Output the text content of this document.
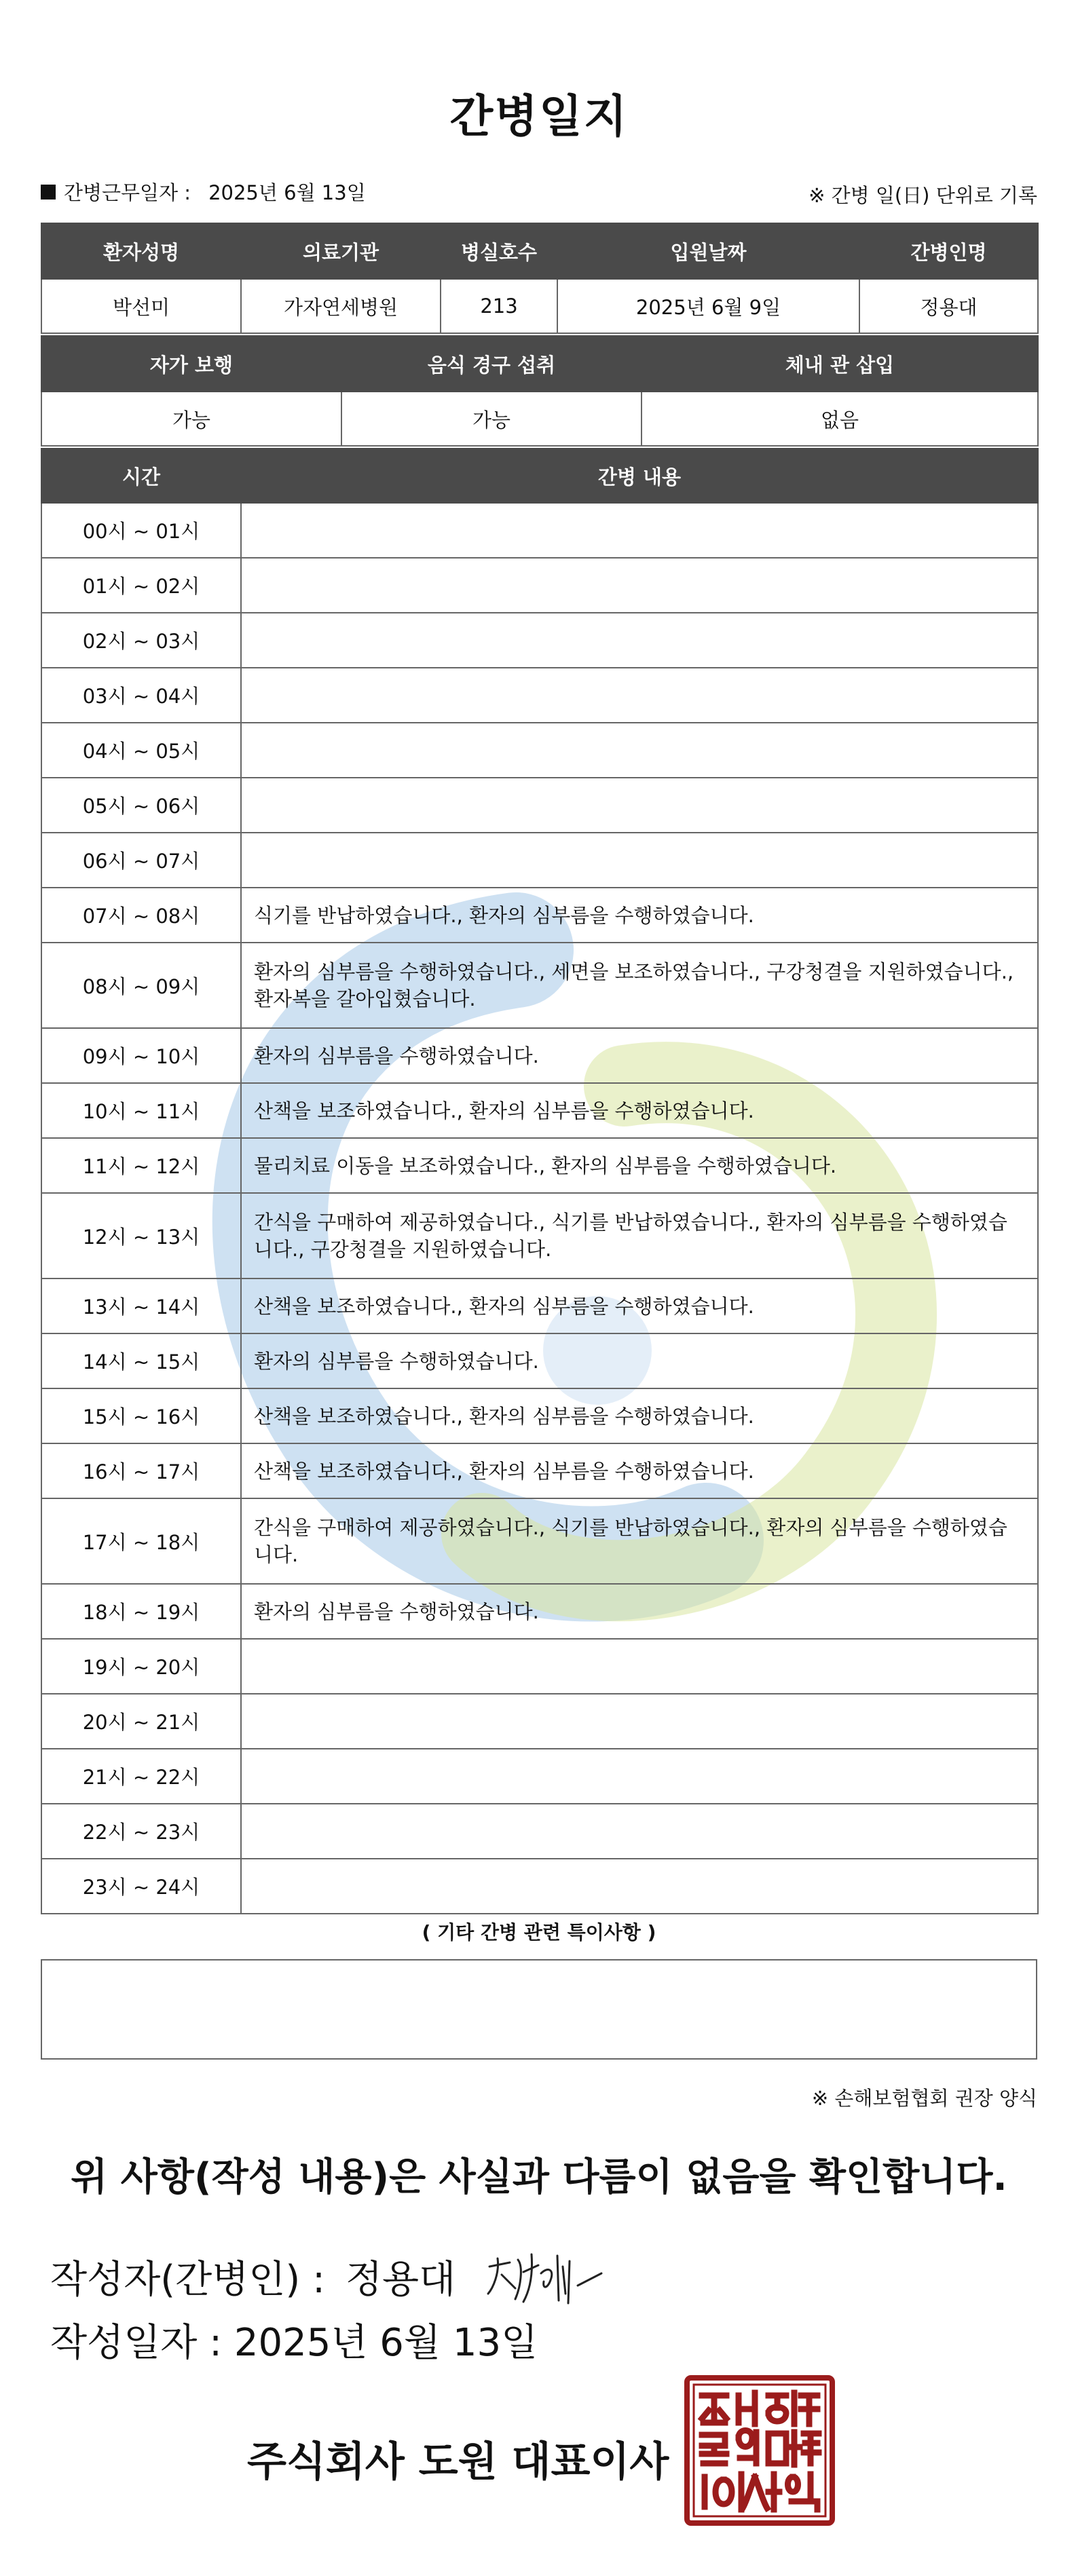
간병일지
간병근무일자 : 2025년 6월 13일	※ 간병 일(日) 단위로 기록
환자성명	의료기관	병실호수	입원날짜	간병인명
박선미	가자연세병원	213	2025년 6월 9일	정용대
자가 보행	음식 경구 섭취	체내 관 삽입
가능	가능	없음
시간	간병 내용
00시 ~ 01시	
01시 ~ 02시	
02시 ~ 03시	
03시 ~ 04시	
04시 ~ 05시	
05시 ~ 06시	
06시 ~ 07시	
07시 ~ 08시	식기를 반납하였습니다., 환자의 심부름을 수행하였습니다.
08시 ~ 09시	환자의 심부름을 수행하였습니다., 세면을 보조하였습니다., 구강청결을 지원하였습니다., 환자복을 갈아입혔습니다.
09시 ~ 10시	환자의 심부름을 수행하였습니다.
10시 ~ 11시	산책을 보조하였습니다., 환자의 심부름을 수행하였습니다.
11시 ~ 12시	물리치료 이동을 보조하였습니다., 환자의 심부름을 수행하였습니다.
12시 ~ 13시	간식을 구매하여 제공하였습니다., 식기를 반납하였습니다., 환자의 심부름을 수행하였습니다., 구강청결을 지원하였습니다.
13시 ~ 14시	산책을 보조하였습니다., 환자의 심부름을 수행하였습니다.
14시 ~ 15시	환자의 심부름을 수행하였습니다.
15시 ~ 16시	산책을 보조하였습니다., 환자의 심부름을 수행하였습니다.
16시 ~ 17시	산책을 보조하였습니다., 환자의 심부름을 수행하였습니다.
17시 ~ 18시	간식을 구매하여 제공하였습니다., 식기를 반납하였습니다., 환자의 심부름을 수행하였습니다.
18시 ~ 19시	환자의 심부름을 수행하였습니다.
19시 ~ 20시	
20시 ~ 21시	
21시 ~ 22시	
22시 ~ 23시	
23시 ~ 24시	
( 기타 간병 관련 특이사항 )
※ 손해보험협회 권장 양식
위 사항(작성 내용)은 사실과 다름이 없음을 확인합니다.
작성자(간병인) : 정용대
작성일자 : 2025년 6월 13일
주식회사 도원 대표이사
